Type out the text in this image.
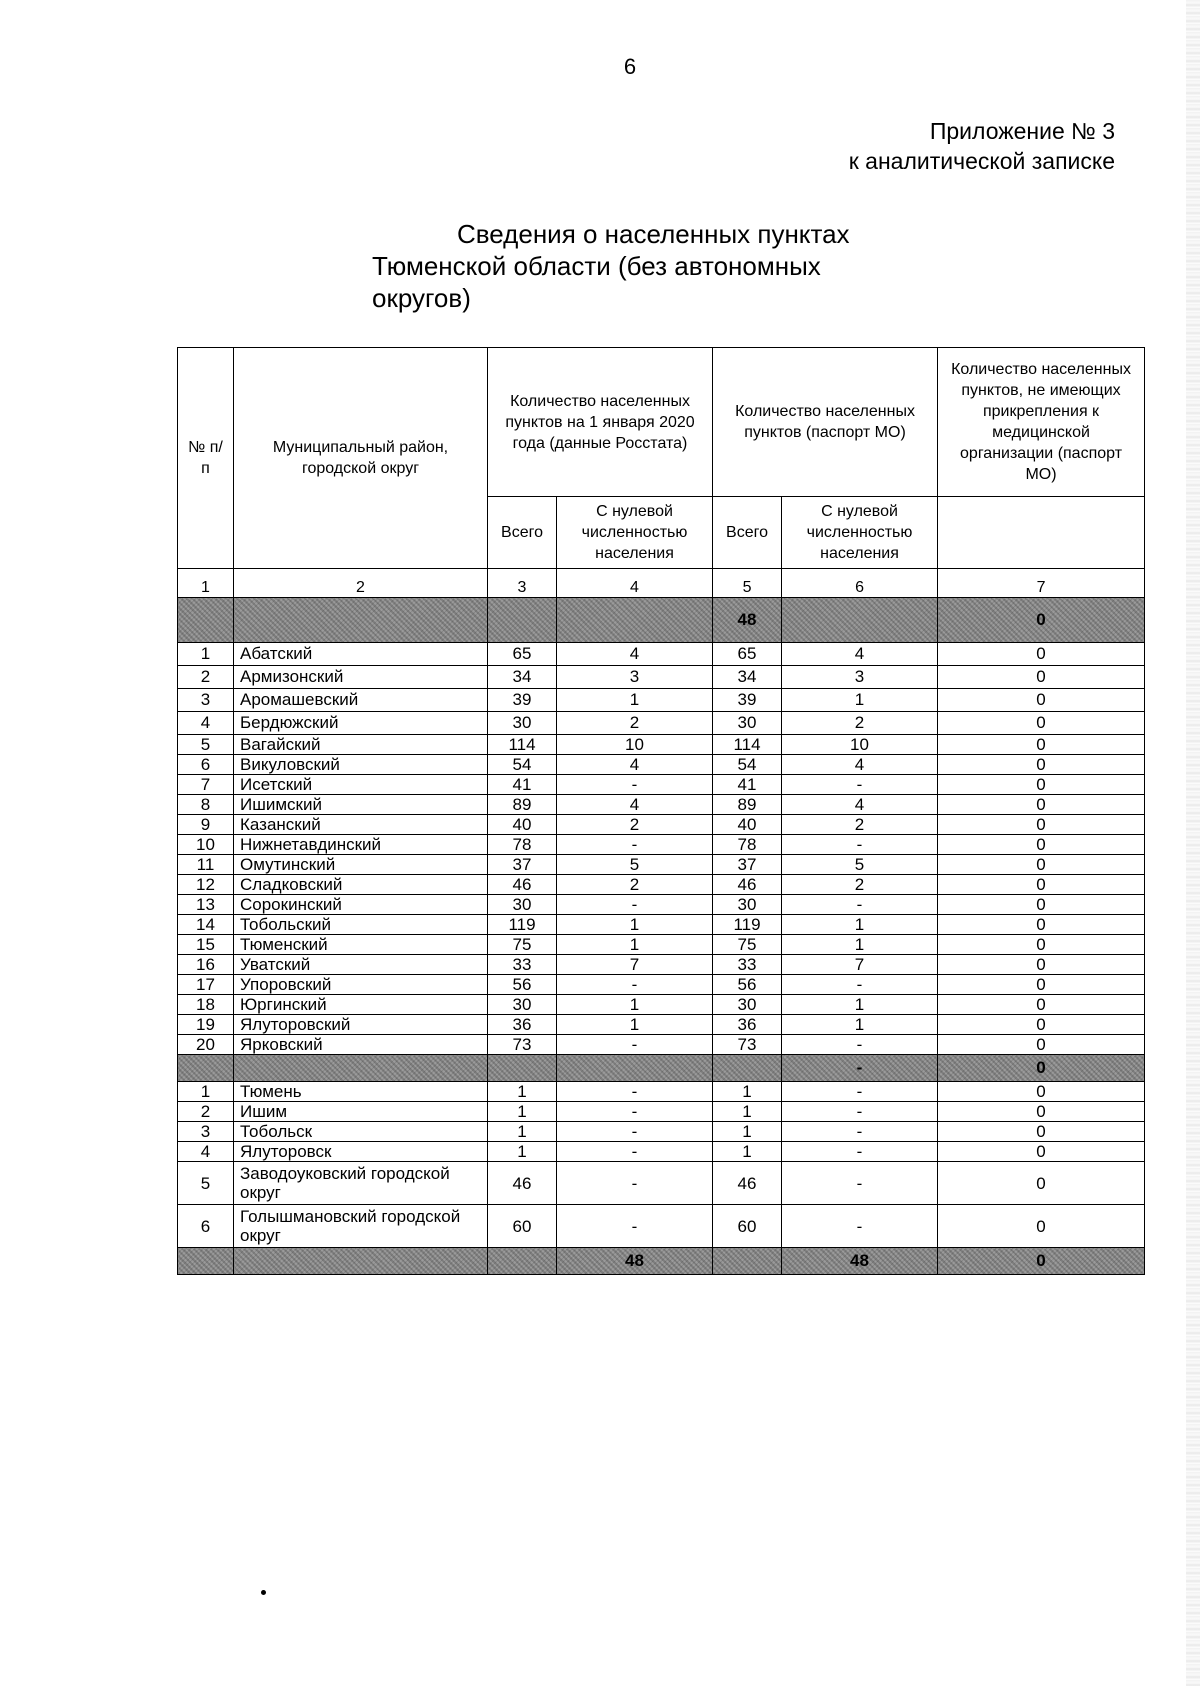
6
Приложение № 3
к аналитической записке
Сведения о населенных пунктах
Тюменской области (без автономных
округов)
№ п/п	Муниципальный район, городской округ	Количество населенных пунктов на 1 января 2020 года (данные Росстата)		Количество населенных пунктов (паспорт МО)		Количество населенных пунктов, не имеющих прикрепления к медицинской организации (паспорт МО)
		Всего	С нулевой численностью населения	Всего	С нулевой численностью населения	
1	2	3	4	5	6	7
				48		0
1	Абатский	65	4	65	4	0
2	Армизонский	34	3	34	3	0
3	Аромашевский	39	1	39	1	0
4	Бердюжский	30	2	30	2	0
5	Вагайский	114	10	114	10	0
6	Викуловский	54	4	54	4	0
7	Исетский	41	-	41	-	0
8	Ишимский	89	4	89	4	0
9	Казанский	40	2	40	2	0
10	Нижнетавдинский	78	-	78	-	0
11	Омутинский	37	5	37	5	0
12	Сладковский	46	2	46	2	0
13	Сорокинский	30	-	30	-	0
14	Тобольский	119	1	119	1	0
15	Тюменский	75	1	75	1	0
16	Уватский	33	7	33	7	0
17	Упоровский	56	-	56	-	0
18	Юргинский	30	1	30	1	0
19	Ялуторовский	36	1	36	1	0
20	Ярковский	73	-	73	-	0
					-	0
1	Тюмень	1	-	1	-	0
2	Ишим	1	-	1	-	0
3	Тобольск	1	-	1	-	0
4	Ялуторовск	1	-	1	-	0
5	Заводоуковский городской округ	46	-	46	-	0
6	Голышмановский городской округ	60	-	60	-	0
			48		48	0
